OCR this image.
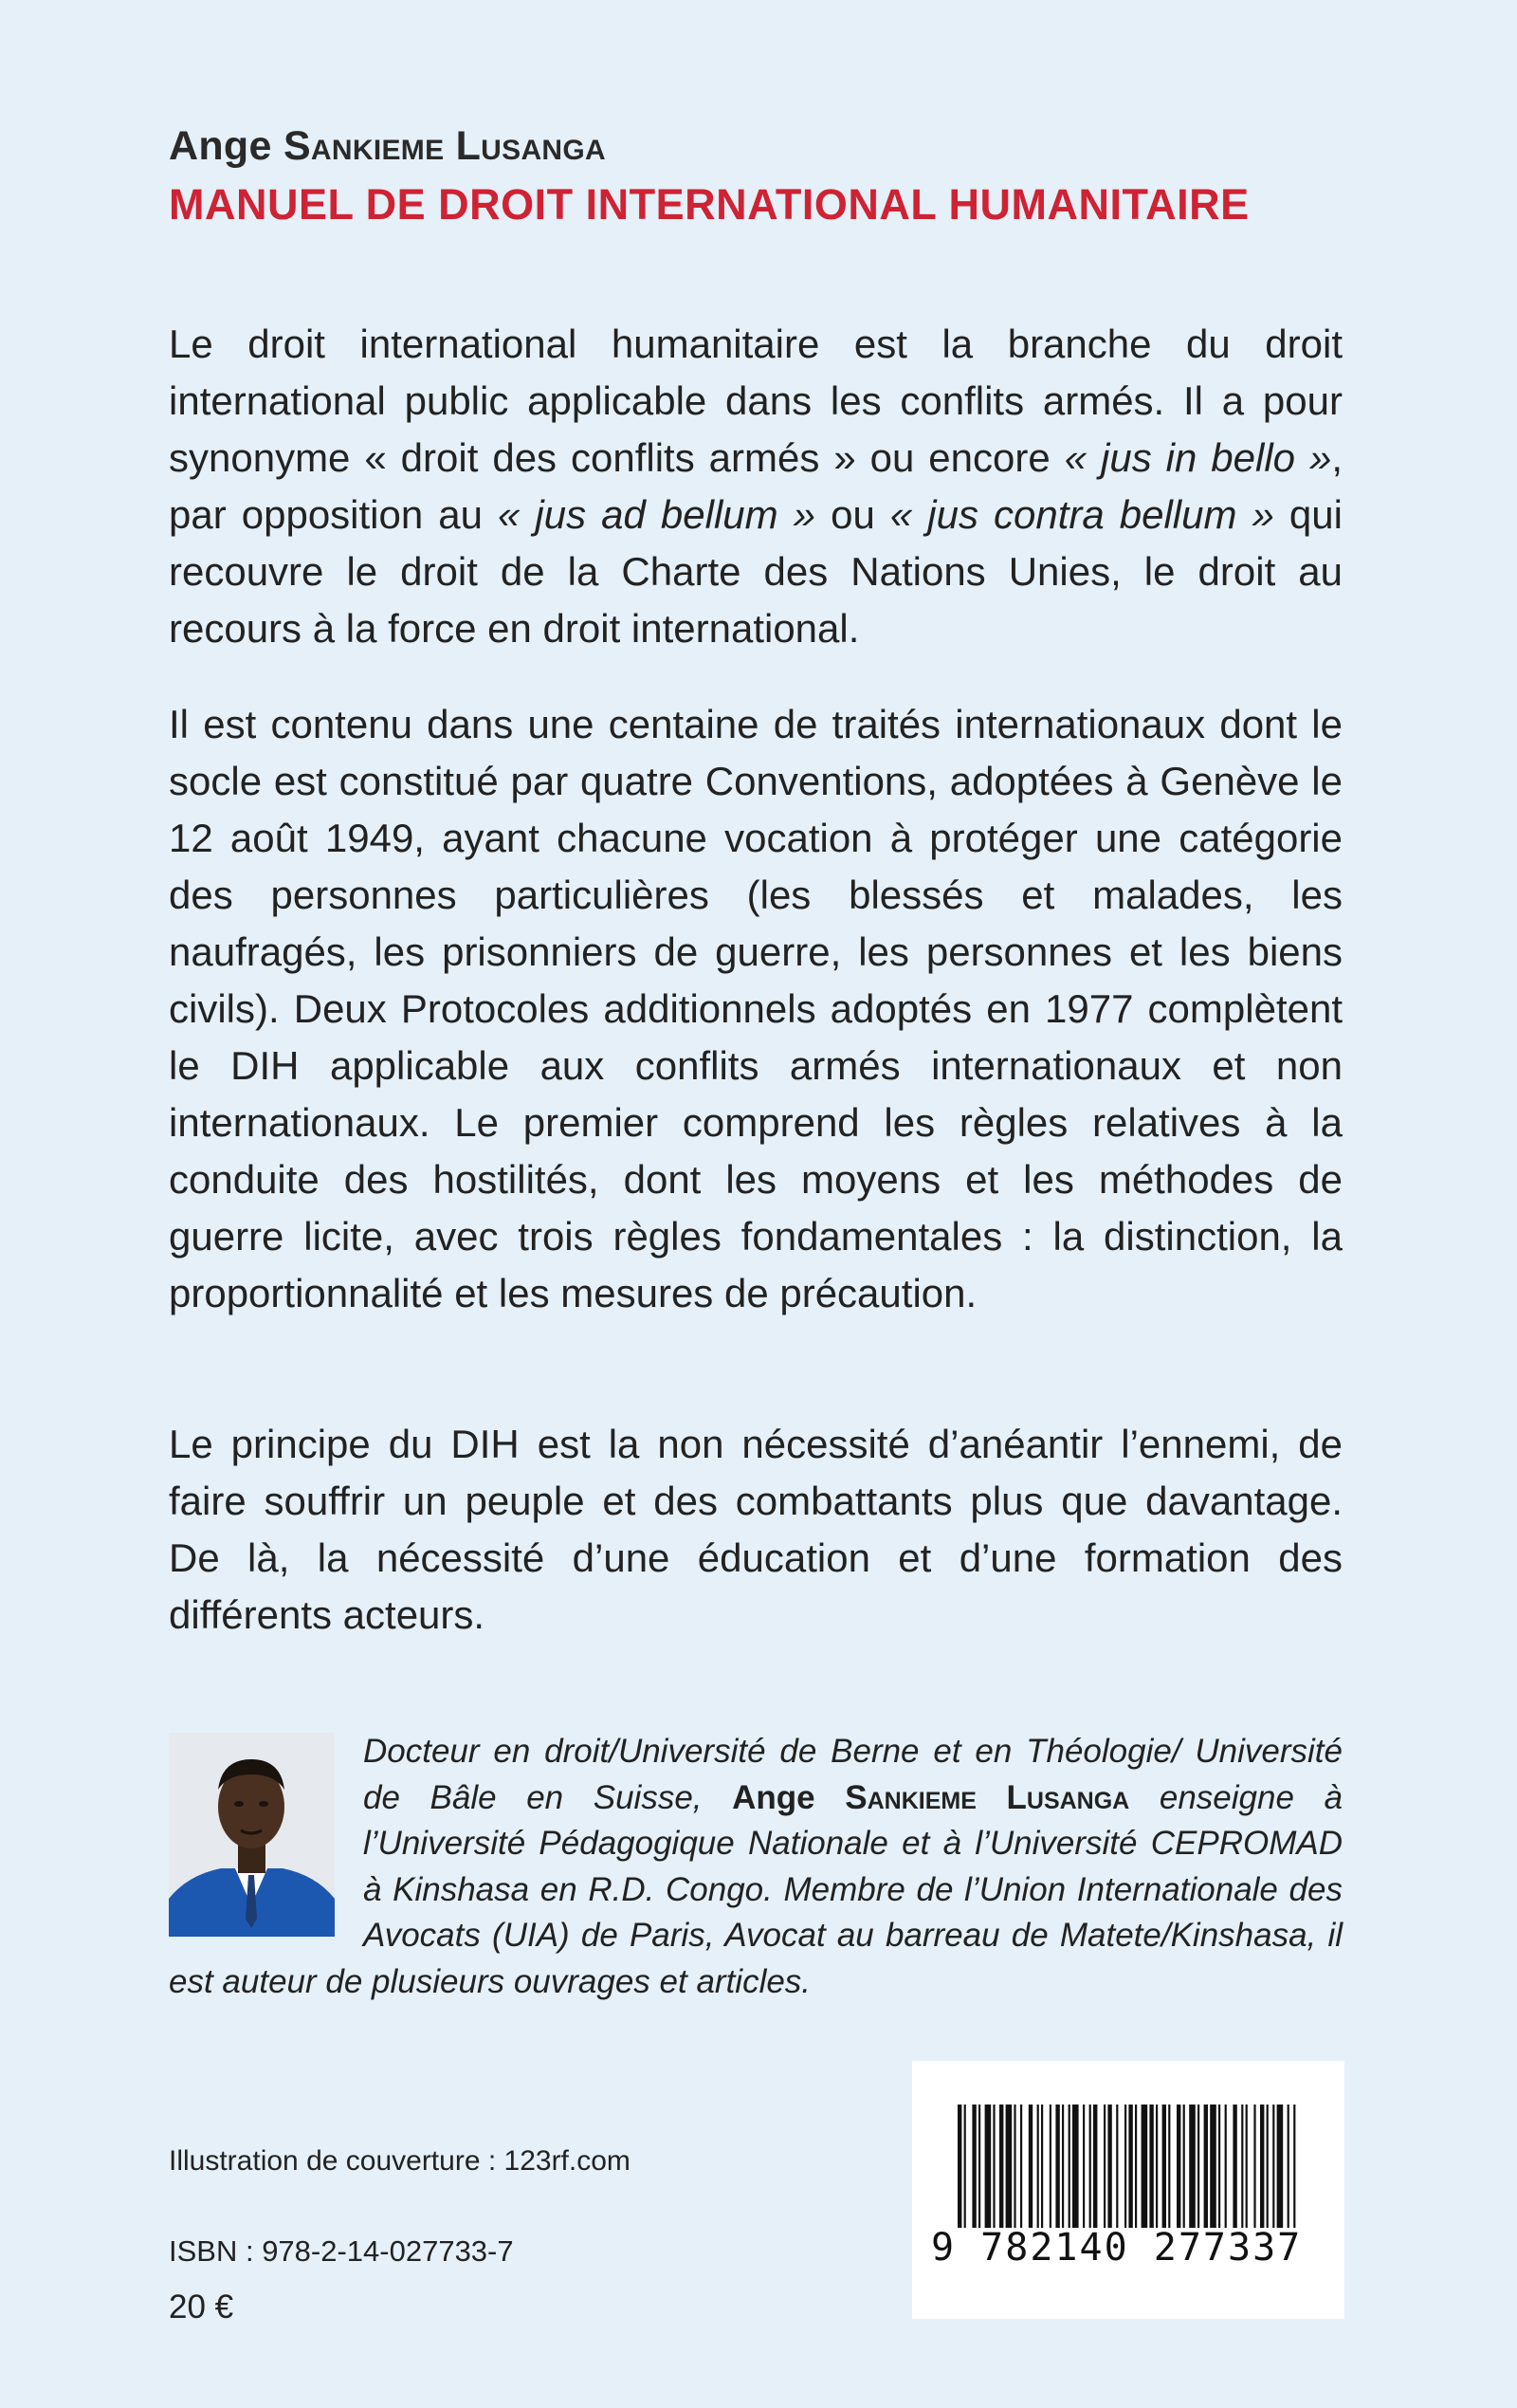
Ange Sankieme Lusanga
MANUEL DE DROIT INTERNATIONAL HUMANITAIRE

Le droit international humanitaire est la branche du droit international public applicable dans les conflits armés. Il a pour synonyme « droit des conflits armés » ou encore « jus in bello », par opposition au « jus ad bellum » ou « jus contra bellum » qui recouvre le droit de la Charte des Nations Unies, le droit au recours à la force en droit international.

Il est contenu dans une centaine de traités internationaux dont le socle est constitué par quatre Conventions, adoptées à Genève le 12 août 1949, ayant chacune vocation à protéger une catégorie des personnes particulières (les blessés et malades, les naufragés, les prisonniers de guerre, les personnes et les biens civils). Deux Protocoles additionnels adoptés en 1977 complètent le DIH applicable aux conflits armés internationaux et non internationaux. Le premier comprend les règles relatives à la conduite des hostilités, dont les moyens et les méthodes de guerre licite, avec trois règles fondamentales : la distinction, la proportionnalité et les mesures de précaution.

Le principe du DIH est la non nécessité d’anéantir l’ennemi, de faire souffrir un peuple et des combattants plus que davantage. De là, la nécessité d’une éducation et d’une formation des différents acteurs.

Docteur en droit/Université de Berne et en Théologie/ Université de Bâle en Suisse, Ange Sankieme Lusanga enseigne à l’Université Pédagogique Nationale et à l’Université CEPROMAD à Kinshasa en R.D. Congo. Membre de l’Union Internationale des Avocats (UIA) de Paris, Avocat au barreau de Matete/Kinshasa, il est auteur de plusieurs ouvrages et articles.

Illustration de couverture : 123rf.com
ISBN : 978-2-14-027733-7
20 €
9 782140 277337
